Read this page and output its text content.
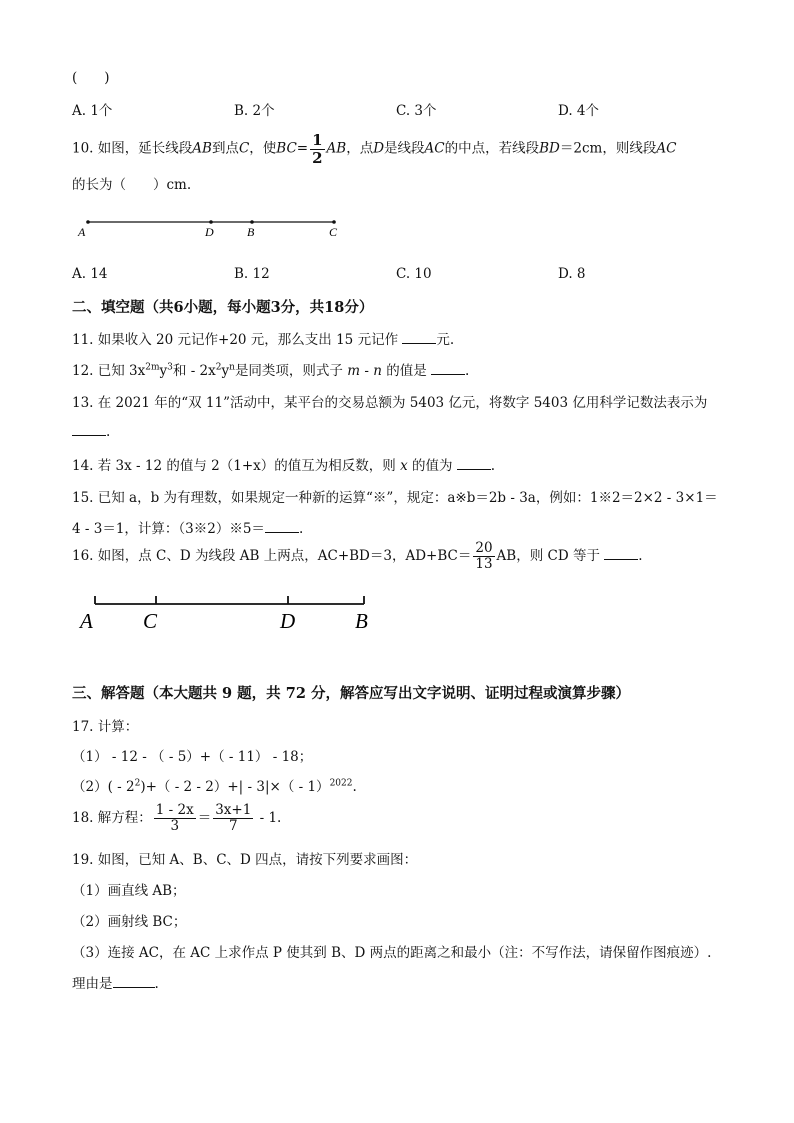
(　　)
A. 1个	B. 2个	C. 3个	D. 4个
10. 如图，延长线段AB到点C，使$BC= \frac{1}{2}$ AB，点D是线段AC的中点，若线段BD＝2cm，则线段AC
的长为（　　）cm.
A	D	B	C
A C	D	B
A. 14	B. 12	C. 10	D. 8
二、填空题（共6小题，每小题3分，共18分）
11. 如果收入 20 元记作+20 元，那么支出 15 元记作	元.
12. 已知 $3x^{2m}y^3$和 - $2x^2y^n$是同类项，则式子 m - n 的值是	.
13. 在 2021 年的“双 11”活动中，某平台的交易总额为 5403 亿元，将数字 5403 亿用科学记数法表示为
.
14. 若 3x - 12 的值与 2（1+x）的值互为相反数，则 x 的值为	.
15. 已知 a，b 为有理数，如果规定一种新的运算“※”，规定：a※b＝2b - 3a，例如：1※2＝2×2 - 3×1＝
4 - 3＝1，计算：（3※2）※5＝	.
16. 如图，点 C、D 为线段 AB 上两点，AC+BD＝3，$AD+BC= \frac{20}{13}$ AB，则 CD 等于	.
三、解答题（本大题共 9 题，共 72 分，解答应写出文字说明、证明过程或演算步骤）
17. 计算：
（1） - 12 - （ - 5）+（ - 11） - 18；
$(2)( - 2^2)+( - 2 - 2)+| - 3|\times( - 1)^{2022}$.
18. 解方程： $\frac{1 - 2x}{3} = \frac{3x+1}{7} - 1$.
19. 如图，已知 A、B、C、D 四点，请按下列要求画图：
（1）画直线 AB；
（2）画射线 BC；
（3）连接 AC，在 AC 上求作点 P 使其到 B、D 两点的距离之和最小（注：不写作法，请保留作图痕迹）.
理由是	.
